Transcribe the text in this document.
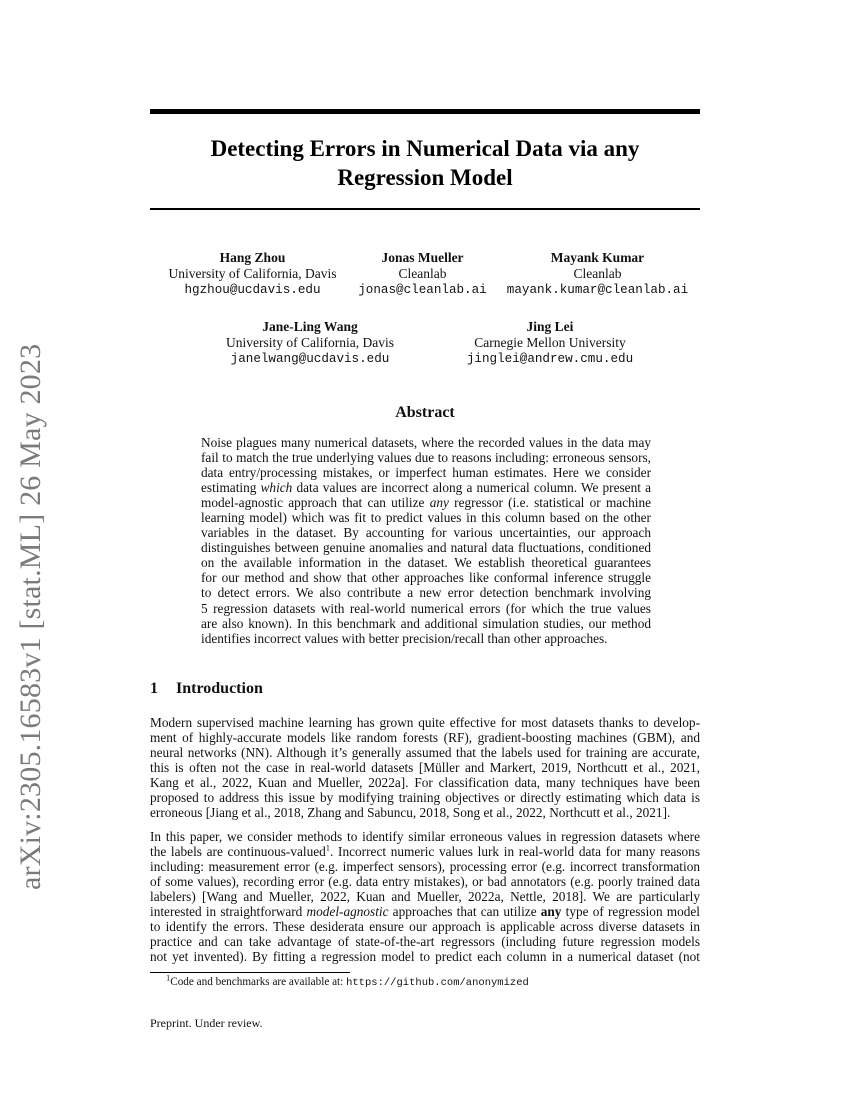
arXiv:2305.16583v1 [stat.ML] 26 May 2023
Detecting Errors in Numerical Data via any
Regression Model
Hang Zhou
University of California, Davis
hgzhou@ucdavis.edu
Jonas Mueller
Cleanlab
jonas@cleanlab.ai
Mayank Kumar
Cleanlab
mayank.kumar@cleanlab.ai
Jane-Ling Wang
University of California, Davis
janelwang@ucdavis.edu
Jing Lei
Carnegie Mellon University
jinglei@andrew.cmu.edu
Abstract
Noise plagues many numerical datasets, where the recorded values in the data may
fail to match the true underlying values due to reasons including: erroneous sensors,
data entry/processing mistakes, or imperfect human estimates. Here we consider
estimating which data values are incorrect along a numerical column. We present a
model-agnostic approach that can utilize any regressor (i.e. statistical or machine
learning model) which was fit to predict values in this column based on the other
variables in the dataset. By accounting for various uncertainties, our approach
distinguishes between genuine anomalies and natural data fluctuations, conditioned
on the available information in the dataset. We establish theoretical guarantees
for our method and show that other approaches like conformal inference struggle
to detect errors. We also contribute a new error detection benchmark involving
5 regression datasets with real-world numerical errors (for which the true values
are also known). In this benchmark and additional simulation studies, our method
identifies incorrect values with better precision/recall than other approaches.
1 Introduction
Modern supervised machine learning has grown quite effective for most datasets thanks to develop-
ment of highly-accurate models like random forests (RF), gradient-boosting machines (GBM), and
neural networks (NN). Although it’s generally assumed that the labels used for training are accurate,
this is often not the case in real-world datasets [Müller and Markert, 2019, Northcutt et al., 2021,
Kang et al., 2022, Kuan and Mueller, 2022a]. For classification data, many techniques have been
proposed to address this issue by modifying training objectives or directly estimating which data is
erroneous [Jiang et al., 2018, Zhang and Sabuncu, 2018, Song et al., 2022, Northcutt et al., 2021].
In this paper, we consider methods to identify similar erroneous values in regression datasets where
the labels are continuous-valued$^1$. Incorrect numeric values lurk in real-world data for many reasons
including: measurement error (e.g. imperfect sensors), processing error (e.g. incorrect transformation
of some values), recording error (e.g. data entry mistakes), or bad annotators (e.g. poorly trained data
labelers) [Wang and Mueller, 2022, Kuan and Mueller, 2022a, Nettle, 2018]. We are particularly
interested in straightforward model-agnostic approaches that can utilize any type of regression model
to identify the errors. These desiderata ensure our approach is applicable across diverse datasets in
practice and can take advantage of state-of-the-art regressors (including future regression models
not yet invented). By fitting a regression model to predict each column in a numerical dataset (not
$^1$Code and benchmarks are available at: https://github.com/anonymized
Preprint. Under review.
